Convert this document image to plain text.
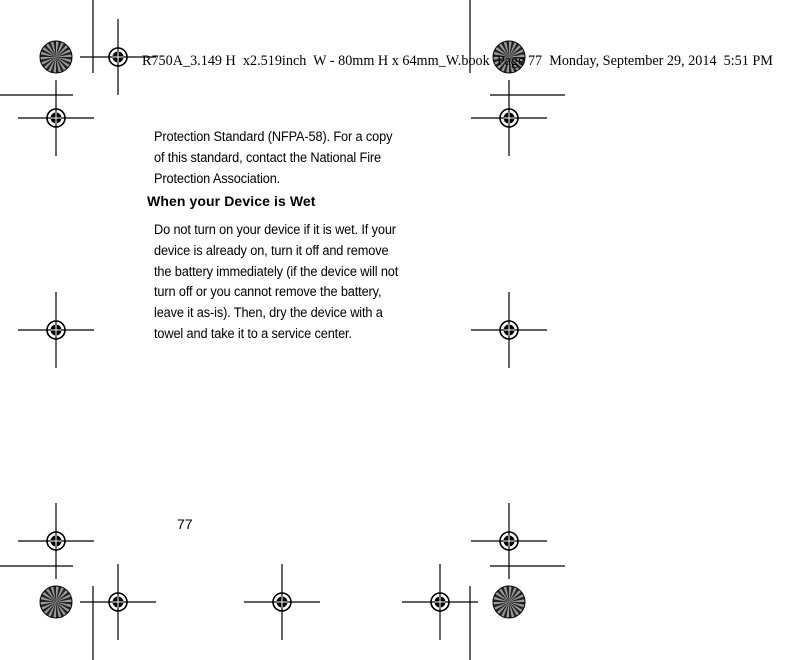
R750A_3.149 H  x2.519inch  W - 80mm H x 64mm_W.book  Page 77  Monday, September 29, 2014  5:51 PM
Protection Standard (NFPA-58). For a copy of this standard, contact the National Fire Protection Association.
When your Device is Wet
Do not turn on your device if it is wet. If your device is already on, turn it off and remove the battery immediately (if the device will not turn off or you cannot remove the battery, leave it as-is). Then, dry the device with a towel and take it to a service center.
77
